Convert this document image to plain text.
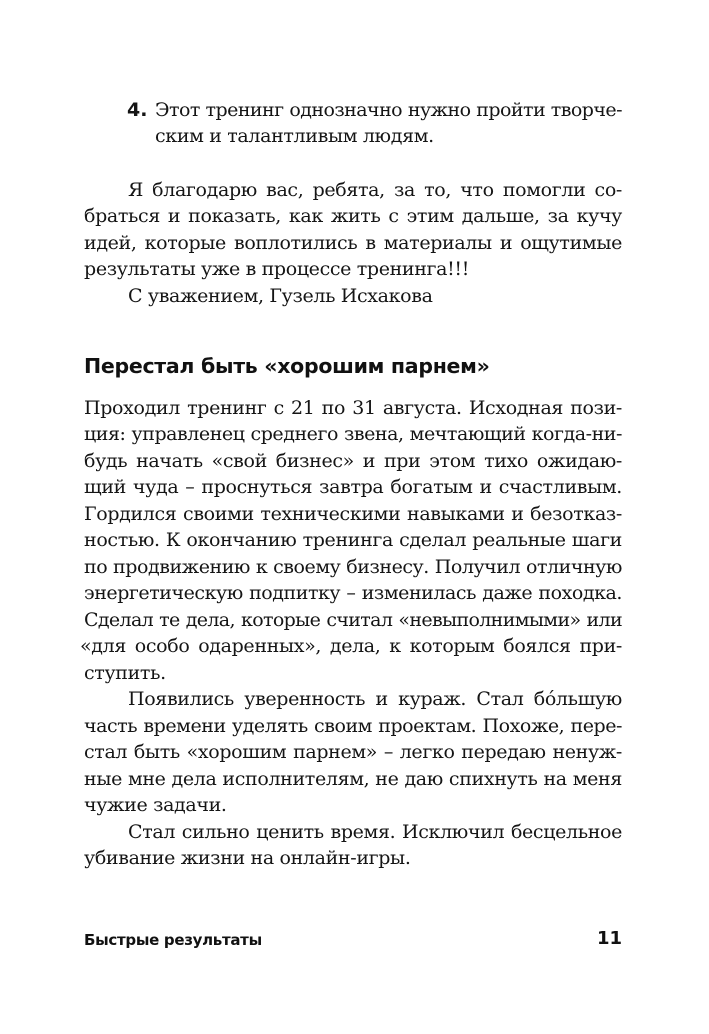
4. Этот тренинг однозначно нужно пройти творче-
ским и талантливым людям.
Я благодарю вас, ребята, за то, что помогли со-
браться и показать, как жить с этим дальше, за кучу
идей, которые воплотились в материалы и ощутимые
результаты уже в процессе тренинга!!!
С уважением, Гузель Исхакова
Перестал быть «хорошим парнем»
Проходил тренинг с 21 по 31 августа. Исходная пози-
ция: управленец среднего звена, мечтающий когда-ни-
будь начать «свой бизнес» и при этом тихо ожидаю-
щий чуда – проснуться завтра богатым и счастливым.
Гордился своими техническими навыками и безотказ-
ностью. К окончанию тренинга сделал реальные шаги
по продвижению к своему бизнесу. Получил отличную
энергетическую подпитку – изменилась даже походка.
Сделал те дела, которые считал «невыполнимыми» или
«для особо одаренных», дела, к которым боялся при-
ступить.
Появились уверенность и кураж. Стал бóльшую
часть времени уделять своим проектам. Похоже, пере-
стал быть «хорошим парнем» – легко передаю ненуж-
ные мне дела исполнителям, не даю спихнуть на меня
чужие задачи.
Стал сильно ценить время. Исключил бесцельное
убивание жизни на онлайн-игры.
Быстрые результаты	11
